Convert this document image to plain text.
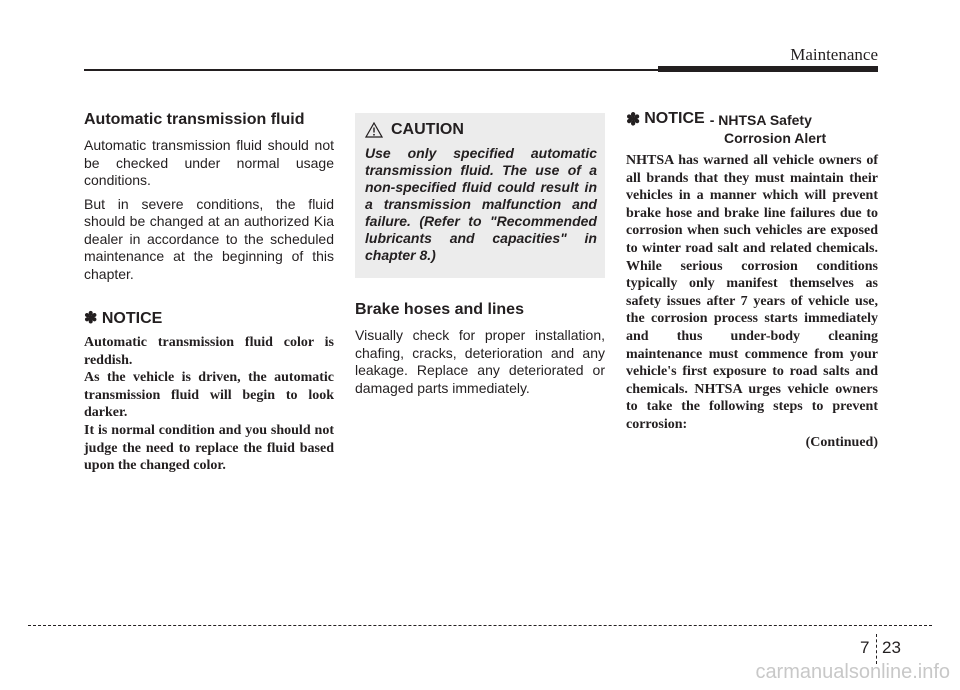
Maintenance
Automatic transmission fluid

Automatic transmission fluid should not be checked under normal usage conditions.

But in severe conditions, the fluid should be changed at an authorized Kia dealer in accordance to the scheduled maintenance at the beginning of this chapter.

✽ NOTICE
Automatic transmission fluid color is reddish.
As the vehicle is driven, the automatic transmission fluid will begin to look darker.
It is normal condition and you should not judge the need to replace the fluid based upon the changed color.
CAUTION
Use only specified automatic transmission fluid. The use of a non-specified fluid could result in a transmission malfunction and failure. (Refer to "Recommended lubricants and capacities" in chapter 8.)
Brake hoses and lines

Visually check for proper installation, chafing, cracks, deterioration and any leakage. Replace any deteriorated or damaged parts immediately.

✽ NOTICE - NHTSA Safety
Corrosion Alert
NHTSA has warned all vehicle owners of all brands that they must maintain their vehicles in a manner which will prevent brake hose and brake line failures due to corrosion when such vehicles are exposed to winter road salt and related chemicals. While serious corrosion conditions typically only manifest themselves as safety issues after 7 years of vehicle use, the corrosion process starts immediately and thus under-body cleaning maintenance must commence from your vehicle's first exposure to road salts and chemicals. NHTSA urges vehicle owners to take the following steps to prevent corrosion:
(Continued)
7 23
carmanualsonline.info
